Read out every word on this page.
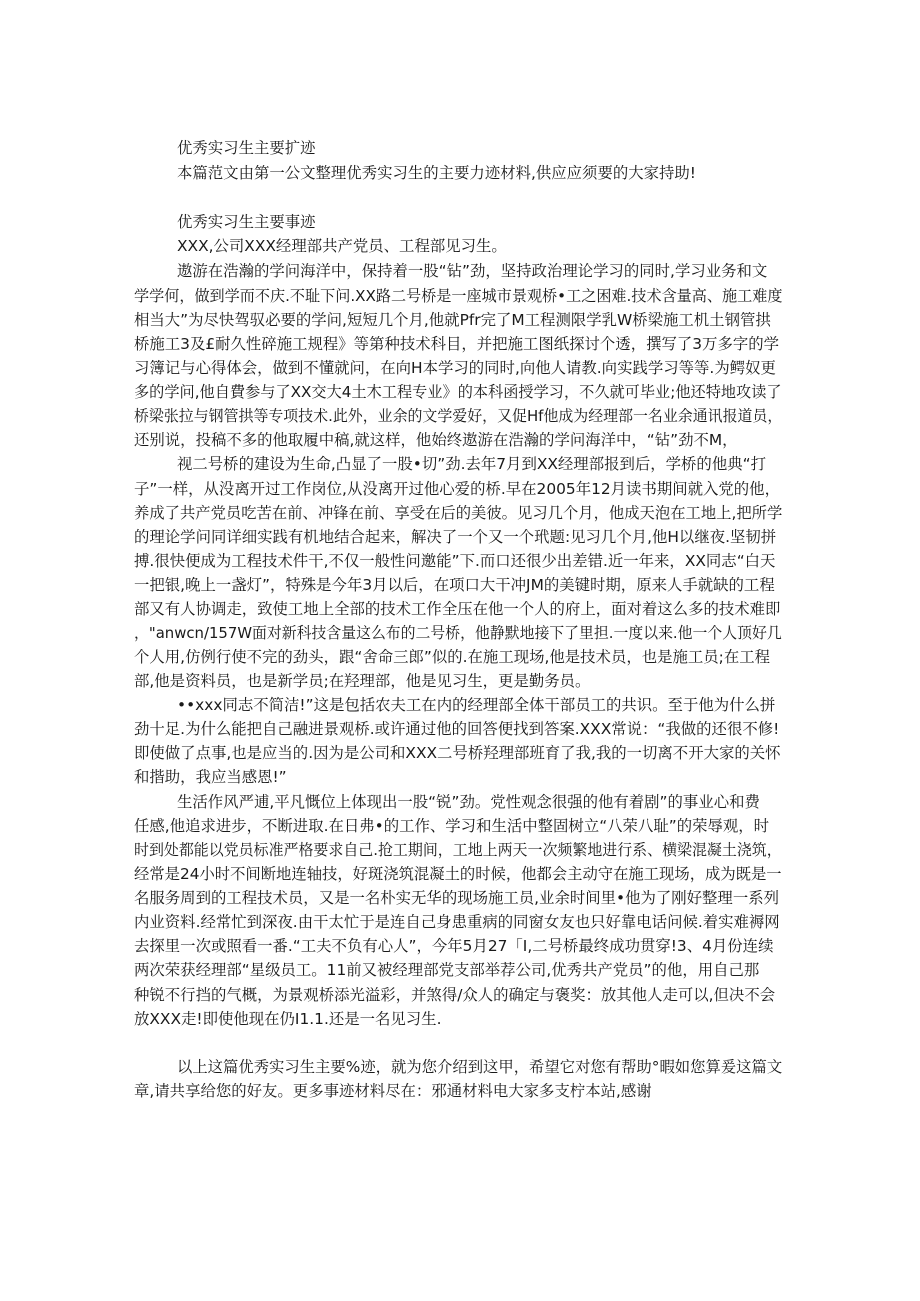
优秀实习生主要扩迹
本篇范文由第一公文整理优秀实习生的主要力迹材料,供应应须要的大家持助!
优秀实习生主要事迹
XXX,公司XXX经理部共产党员、工程部见习生。
遨游在浩瀚的学问海洋中，保持着一股“钻”劲，坚持政治理论学习的同时,学习业务和文
学学何，做到学而不庆.不耻下问.XX路二号桥是一座城市景观桥•工之困难.技术含量高、施工难度
相当大”为尽快驾驭必要的学问,短短几个月,他就Pfr完了M工程测限学乳W桥梁施工机土钢管拱
桥施工3及£耐久性碎施工规程》等第种技术科目，并把施工图纸探讨个透，撰写了3万多字的学
习簿记与心得体会，做到不懂就问，在向H本学习的同时,向他人请教.向实践学习等等.为鳄奴更
多的学问,他自費参与了XX交大4土木工程专业》的本科函授学习，不久就可毕业;他还特地攻读了
桥梁张拉与钢管拱等专项技术.此外，业余的文学爱好，又促Hf他成为经理部一名业余通讯报道员，
还别说，投稿不多的他取履中稿,就这样，他始终遨游在浩瀚的学问海洋中，“钻”劲不M，
视二号桥的建设为生命,凸显了一股•切”劲.去年7月到XX经理部报到后，学桥的他典“打
子”一样，从没离开过工作岗位,从没离开过他心爱的桥.早在2005年12月读书期间就入党的他，
养成了共产党员吃苦在前、冲锋在前、享受在后的美彼。见习几个月，他成天泡在工地上,把所学
的理论学问同详细实践有机地结合起来，解决了一个又一个玳题:见习几个月,他H以继夜.坚韧拼
搏.很快便成为工程技术件干,不仅一般性问邀能”下.而口还很少出差错.近一年来，XX同志“白天
一把银,晚上一盏灯”，特殊是今年3月以后，在项口大干冲JM的美键时期，原来人手就缺的工程
部又有人协调走，致使工地上全部的技术工作全压在他一个人的府上，面对着这么多的技术难即
，"anwcn/157W面对新科技含量这么布的二号桥，他静默地接下了里担.一度以来.他一个人顶好几
个人用,仿例行使不完的劲头，跟“舍命三郎”似的.在施工现场,他是技术员，也是施工员;在工程
部,他是资料员，也是新学员;在羟理部，他是见习生，更是勤务员。
••xxx同志不简洁!”这是包括农夫工在内的经理部全体干部员工的共识。至于他为什么拼
劲十足.为什么能把自己融进景观桥.或许通过他的回答便找到答案.XXX常说：“我做的还很不修!
即使做了点事,也是应当的.因为是公司和XXX二号桥羟理部班育了我,我的一切离不开大家的关怀
和揩助，我应当感恩!”
生活作风严逋,平凡慨位上体现出一股“锐”劲。党性观念很强的他有着剧”的事业心和费
任感,他追求进步，不断进取.在日弗•的工作、学习和生活中整固树立“八荣八耻”的荣辱观，时
时到处都能以党员标准严格要求自己.抢工期间，工地上两天一次频繁地进行系、横梁混凝土浇筑，
经常是24小时不间断地连轴技，好斑浇筑混凝土的时候，他都会主动守在施工现场，成为既是一
名服务周到的工程技术员，又是一名朴实无华的现场施工员,业余时间里•他为了刚好整理一系列
内业资料.经常忙到深夜.由干太忙于是连自己身患重病的同窗女友也只好靠电话问候.着实难褥网
去探里一次或照看一番.“工夫不负有心人”，今年5月27「I,二号桥最终成功贯穿!3、4月份连续
两次荣获经理部“星级员工。11前又被经理部党支部举荐公司,优秀共产党员”的他，用自己那
种锐不行挡的气概，为景观桥添光溢彩，并煞得/众人的确定与褒奖：放其他人走可以,但决不会
放XXX走!即使他现在仍I1.1.还是一名见习生.
以上这篇优秀实习生主要%迹，就为您介绍到这甲，希望它对您有帮助°暇如您算爰这篇文
章,请共享给您的好友。更多事迹材料尽在：邪通材料电大家多支柠本站,感谢
